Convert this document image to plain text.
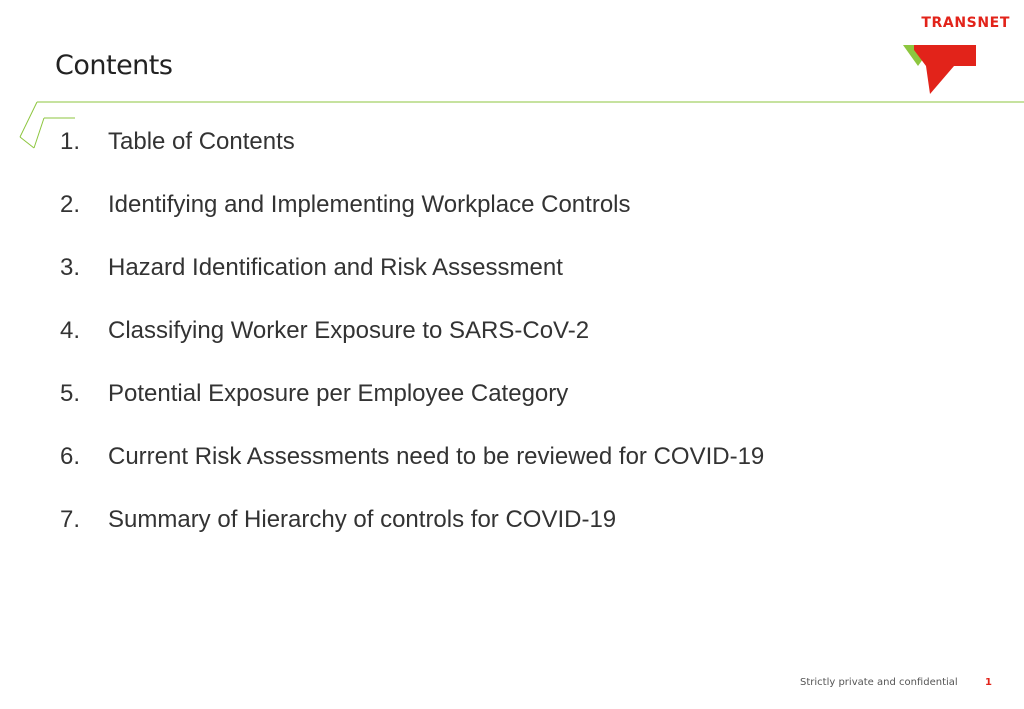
Contents
TRANSNET
1.	Table of Contents
2.	Identifying and Implementing Workplace Controls
3.	Hazard Identification and Risk Assessment
4.	Classifying Worker Exposure to SARS-CoV-2
5.	Potential Exposure per Employee Category
6.	Current Risk Assessments need to be reviewed for COVID-19
7.	Summary of Hierarchy of controls for COVID-19
Strictly private and confidential	1
